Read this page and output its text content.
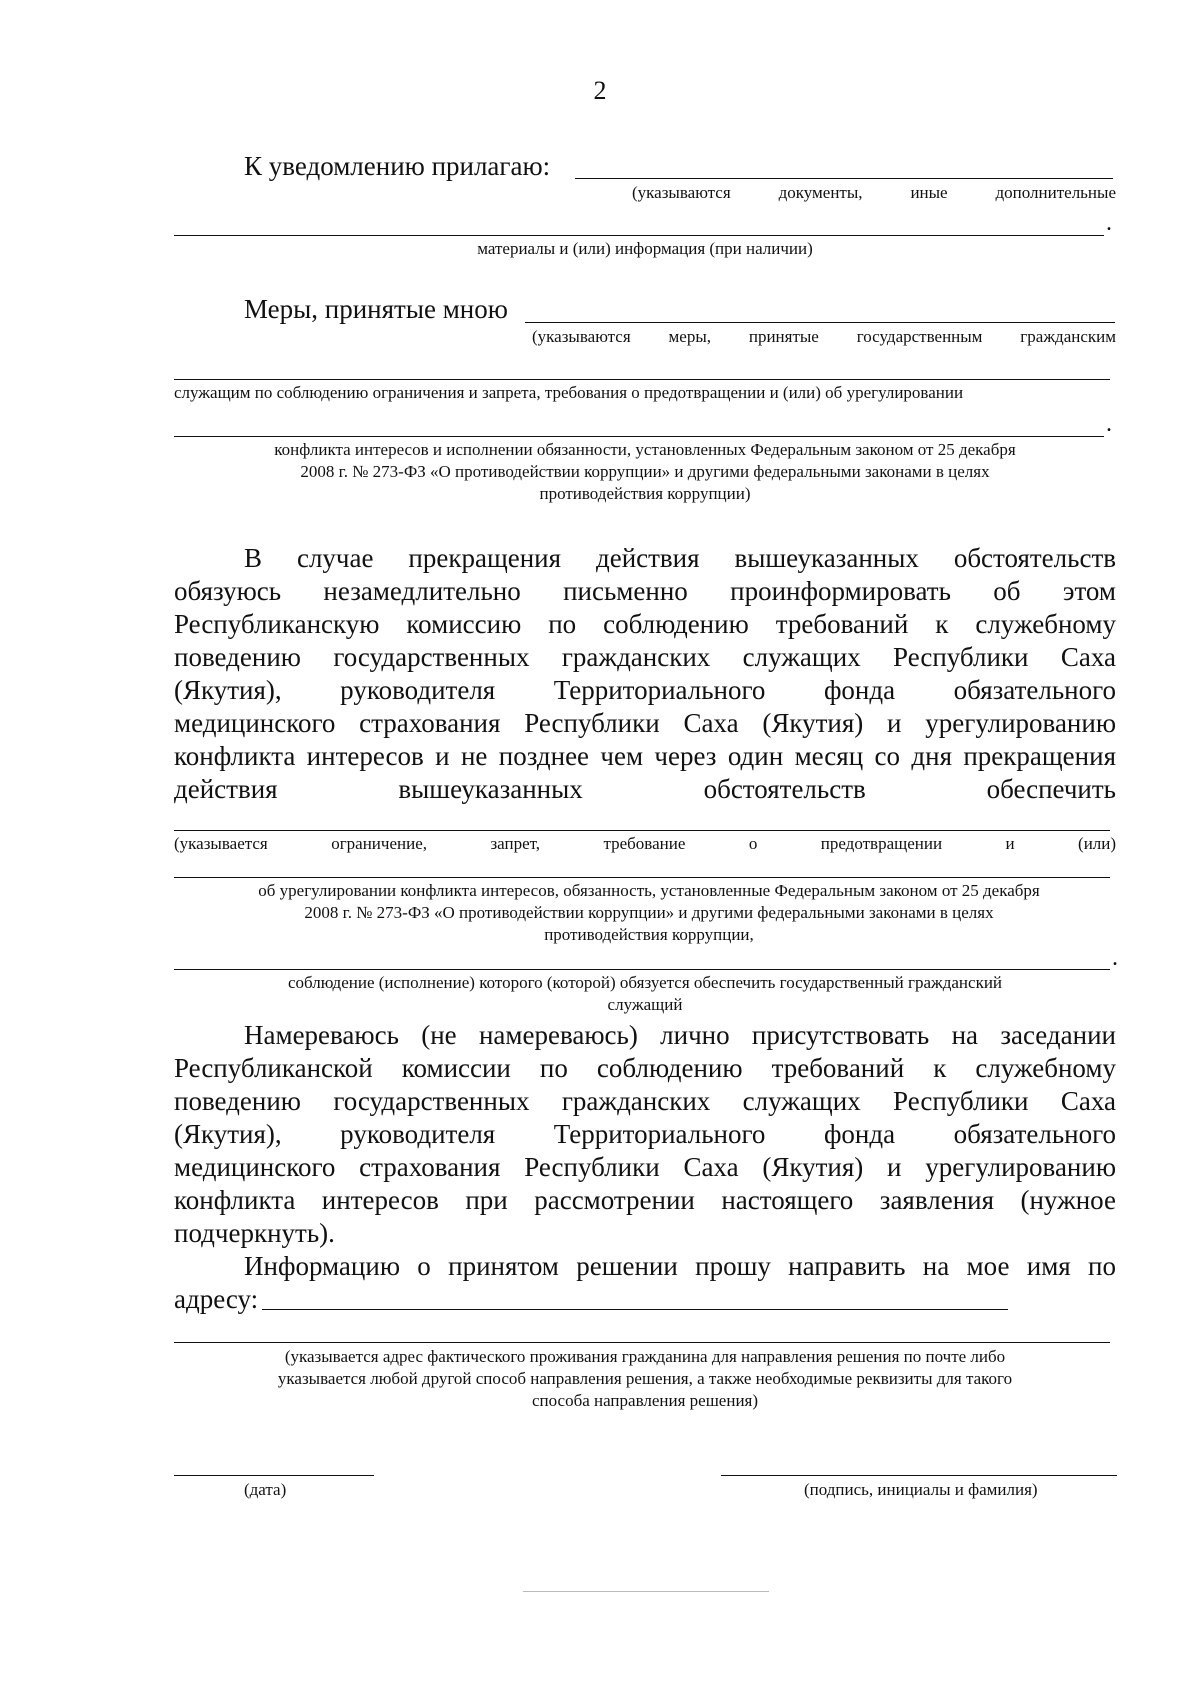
2
К уведомлению прилагаю:
(указываются	документы,	иные	дополнительные
.
материалы и (или) информация (при наличии)
Меры, принятые мною
(указываются меры, принятые государственным гражданским
служащим по соблюдению ограничения и запрета, требования о предотвращении и (или) об урегулировании
.
конфликта интересов и исполнении обязанности, установленных Федеральным законом от 25 декабря
2008 г. № 273-ФЗ «О противодействии коррупции» и другими федеральными законами в целях
противодействия коррупции)
В случае прекращения действия вышеуказанных обстоятельств
обязуюсь незамедлительно письменно проинформировать об этом
Республиканскую комиссию по соблюдению требований к служебному
поведению государственных гражданских служащих Республики Саха
(Якутия), руководителя Территориального фонда обязательного
медицинского страхования Республики Саха (Якутия) и урегулированию
конфликта интересов и не позднее чем через один месяц со дня прекращения
действия вышеуказанных обстоятельств обеспечить
(указывается	ограничение,	запрет,	требование	о	предотвращении	и	(или)
об урегулировании конфликта интересов, обязанность, установленные Федеральным законом от 25 декабря
2008 г. № 273-ФЗ «О противодействии коррупции» и другими федеральными законами в целях
противодействия коррупции,
.
соблюдение (исполнение) которого (которой) обязуется обеспечить государственный гражданский
служащий
Намереваюсь (не намереваюсь) лично присутствовать на заседании
Республиканской комиссии по соблюдению требований к служебному
поведению государственных гражданских служащих Республики Саха
(Якутия), руководителя Территориального фонда обязательного
медицинского страхования Республики Саха (Якутия) и урегулированию
конфликта интересов при рассмотрении настоящего заявления (нужное
подчеркнуть).
Информацию о принятом решении прошу направить на мое имя по
адресу:
(указывается адрес фактического проживания гражданина для направления решения по почте либо
указывается любой другой способ направления решения, а также необходимые реквизиты для такого
способа направления решения)
(дата)	(подпись, инициалы и фамилия)
